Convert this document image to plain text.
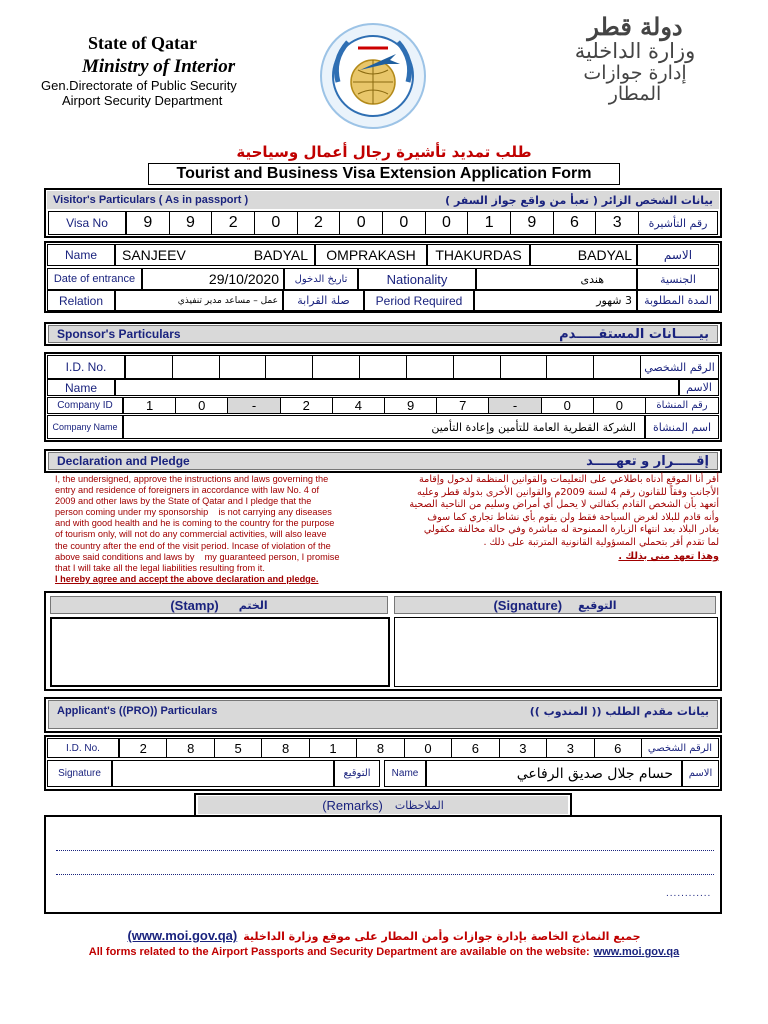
State of Qatar
Ministry of Interior
Gen.Directorate of Public Security
Airport Security Department
دولة قطر
وزارة الداخلية
إدارة جوازات المطار
طلب تمديد تأشيرة رجال أعمال وسياحية
Tourist and Business Visa Extension Application Form
Visitor's Particulars ( As in passport )	بيانات الشخص الزائر ( تعبأ من واقع جواز السفر )
Visa No	رقم التأشيرة
9	9	2	0	2	0	0	0	1	9	6	3
Name	SANJEEV	BADYAL	OMPRAKASH	THAKURDAS	BADYAL	الاسم
Date of entrance	29/10/2020	تاريخ الدخول	Nationality	هندى	الجنسية
Relation	عمل – مساعد مدير تنفيذي	صلة القرابة	Period Required	3 شهور	المدة المطلوبة
Sponsor's Particulars	بيـــــانات المستقـــــدم
I.D. No.	الرقم الشخصي
Name	الاسم
Company ID	1	0	-	2	4	9	7	-	0	0	رقم المنشاة
Company Name	الشركة القطرية العامة للتأمين وإعادة التأمين	اسم المنشاة
Declaration and Pledge	إقـــــرار و تعهـــــد
I, the undersigned, approve the instructions and laws governing the
entry and residence of foreigners in accordance with law No. 4 of
2009 and other laws by the State of Qatar and I pledge that the
person coming under my sponsorship    is not carrying any diseases
and with good health and he is coming to the country for the purpose
of tourism only, will not do any commercial activities, will also leave
the country after the end of the visit period. Incase of violation of the
above said conditions and laws by    my guaranteed person, I promise
that I will take all the legal liabilities resulting from it.
I hereby agree and accept the above declaration and pledge.
أقر أنا الموقع أدناه باطلاعي على التعليمات والقوانين المنظمة لدخول وإقامة
الأجانب وفقاً للقانون رقم 4 لسنة 2009م والقوانين الأخرى بدولة قطر وعليه
أتعهد بأن الشخص القادم بكفالتي لا يحمل أي أمراض وسليم من الناحية الصحية
وأنه قادم للبلاد لغرض السياحة فقط ولن يقوم بأي نشاط تجاري كما سوف
يغادر البلاد بعد انتهاء الزيارة الممنوحة له مباشرة وفي حالة مخالفة مكفولي
لما تقدم أقر بتحملي المسؤولية القانونية المترتبة على ذلك .
وهذا تعهد مني بذلك .
(Stamp) الختم	(Signature) التوقيع
Applicant's ((PRO)) Particulars	بيانات مقدم الطلب (( المندوب ))
I.D. No.	2	8	5	8	1	8	0	6	3	3	6	الرقم الشخصي
Signature	التوقيع	Name	حسام جلال صديق الرفاعي	الاسم
(Remarks) الملاحظات
............
(www.moi.gov.qa) جميع النماذج الخاصة بإدارة جوازات وأمن المطار على موقع وزارة الداخلية
All forms related to the Airport Passports and Security Department are available on the website: www.moi.gov.qa
